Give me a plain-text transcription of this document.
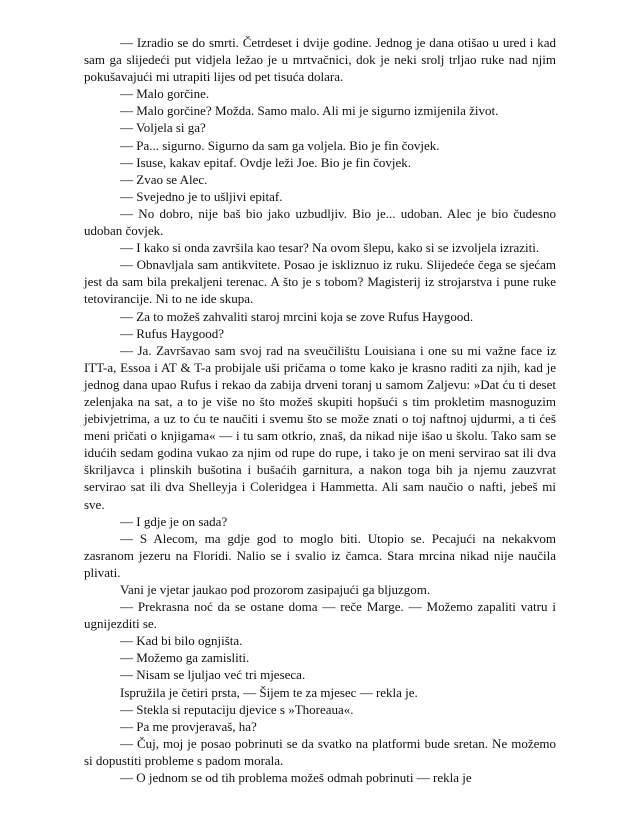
— Izradio se do smrti. Četrdeset i dvije godine. Jednog je dana otišao u ured i kad sam ga slijedeći put vidjela ležao je u mrtvačnici, dok je neki srolj trljao ruke nad njim pokušavajući mi utrapiti lijes od pet tisuća dolara.

— Malo gorčine.

— Malo gorčine? Možda. Samo malo. Ali mi je sigurno izmijenila život.

— Voljela si ga?

— Pa... sigurno. Sigurno da sam ga voljela. Bio je fin čovjek.

— Isuse, kakav epitaf. Ovdje leži Joe. Bio je fin čovjek.

— Zvao se Alec.

— Svejedno je to ušljivi epitaf.

— No dobro, nije baš bio jako uzbudljiv. Bio je... udoban. Alec je bio čudesno udoban čovjek.

— I kako si onda završila kao tesar? Na ovom šlepu, kako si se izvoljela izraziti.

— Obnavljala sam antikvitete. Posao je iskliznuo iz ruku. Slijedeće čega se sjećam jest da sam bila prekaljeni terenac. A što je s tobom? Magisterij iz strojarstva i pune ruke tetovirancije. Ni to ne ide skupa.

— Za to možeš zahvaliti staroj mrcini koja se zove Rufus Haygood.

— Rufus Haygood?

— Ja. Završavao sam svoj rad na sveučilištu Louisiana i one su mi važne face iz ITT-a, Essoa i AT & T-a probijale uši pričama o tome kako je krasno raditi za njih, kad je jednog dana upao Rufus i rekao da zabija drveni toranj u samom Zaljevu: »Dat ću ti deset zelenjaka na sat, a to je više no što možeš skupiti hopšući s tim prokletim masnoguzim jebivjetrima, a uz to ću te naučiti i svemu što se može znati o toj naftnoj ujdurmi, a ti ćeš meni pričati o knjigama« — i tu sam otkrio, znaš, da nikad nije išao u školu. Tako sam se idućih sedam godina vukao za njim od rupe do rupe, i tako je on meni servirao sat ili dva škriljavca i plinskih bušotina i bušaćih garnitura, a nakon toga bih ja njemu zauzvrat servirao sat ili dva Shelleyja i Coleridgea i Hammetta. Ali sam naučio o nafti, jebeš mi sve.

— I gdje je on sada?

— S Alecom, ma gdje god to moglo biti. Utopio se. Pecajući na nekakvom zasranom jezeru na Floridi. Nalio se i svalio iz čamca. Stara mrcina nikad nije naučila plivati.

Vani je vjetar jaukao pod prozorom zasipajući ga bljuzgom.

— Prekrasna noć da se ostane doma — reče Marge. — Možemo zapaliti vatru i ugnijezditi se.

— Kad bi bilo ognjišta.

— Možemo ga zamisliti.

— Nisam se ljuljao već tri mjeseca.

Ispružila je četiri prsta, — Šijem te za mjesec — rekla je.

— Stekla si reputaciju djevice s »Thoreaua«.

— Pa me provjeravaš, ha?

— Čuj, moj je posao pobrinuti se da svatko na platformi bude sretan. Ne možemo si dopustiti probleme s padom morala.

— O jednom se od tih problema možeš odmah pobrinuti — rekla je
